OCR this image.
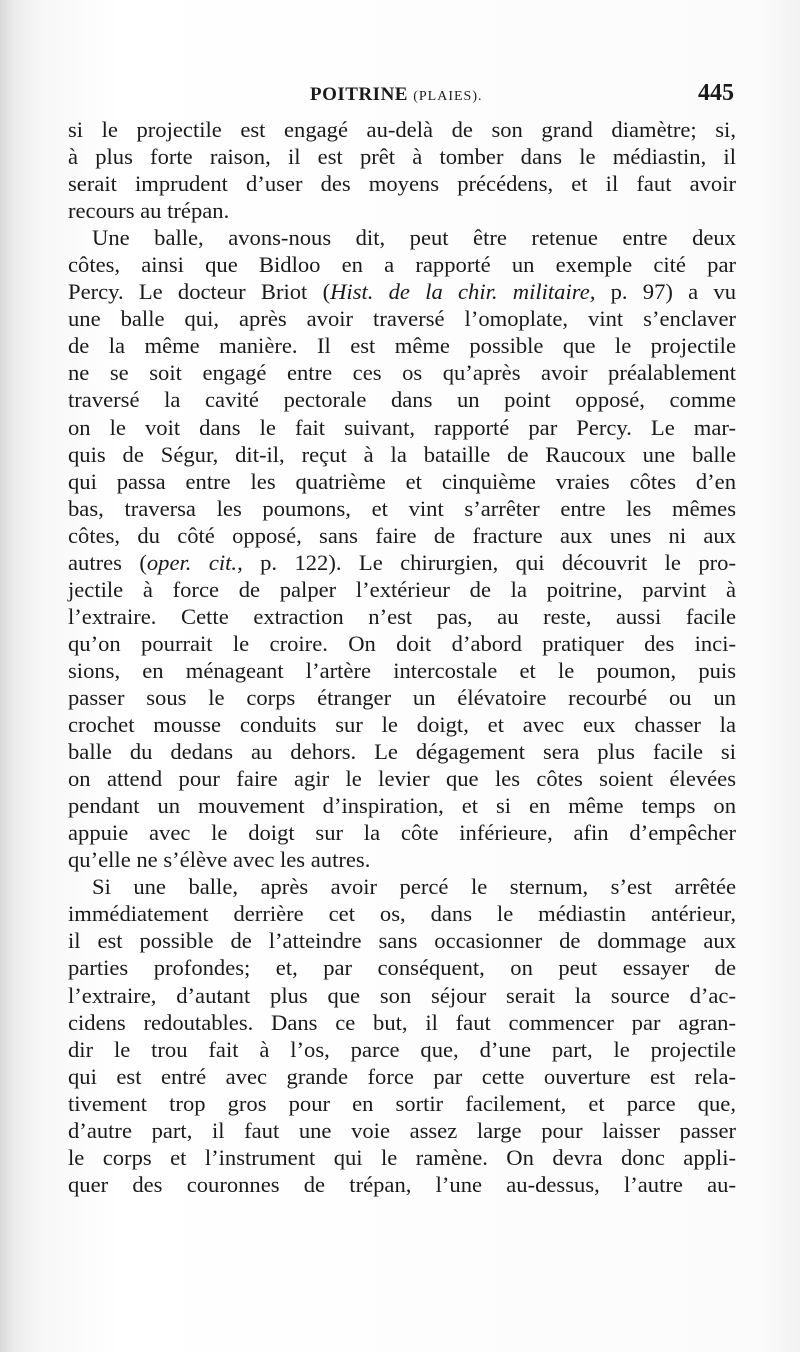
POITRINE (PLAIES).	445
si le projectile est engagé au-delà de son grand diamètre; si,
à plus forte raison, il est prêt à tomber dans le médiastin, il
serait imprudent d’user des moyens précédens, et il faut avoir
recours au trépan.
Une balle, avons-nous dit, peut être retenue entre deux
côtes, ainsi que Bidloo en a rapporté un exemple cité par
Percy. Le docteur Briot (Hist. de la chir. militaire, p. 97) a vu
une balle qui, après avoir traversé l’omoplate, vint s’enclaver
de la même manière. Il est même possible que le projectile
ne se soit engagé entre ces os qu’après avoir préalablement
traversé la cavité pectorale dans un point opposé, comme
on le voit dans le fait suivant, rapporté par Percy. Le mar-
quis de Ségur, dit-il, reçut à la bataille de Raucoux une balle
qui passa entre les quatrième et cinquième vraies côtes d’en
bas, traversa les poumons, et vint s’arrêter entre les mêmes
côtes, du côté opposé, sans faire de fracture aux unes ni aux
autres (oper. cit., p. 122). Le chirurgien, qui découvrit le pro-
jectile à force de palper l’extérieur de la poitrine, parvint à
l’extraire. Cette extraction n’est pas, au reste, aussi facile
qu’on pourrait le croire. On doit d’abord pratiquer des inci-
sions, en ménageant l’artère intercostale et le poumon, puis
passer sous le corps étranger un élévatoire recourbé ou un
crochet mousse conduits sur le doigt, et avec eux chasser la
balle du dedans au dehors. Le dégagement sera plus facile si
on attend pour faire agir le levier que les côtes soient élevées
pendant un mouvement d’inspiration, et si en même temps on
appuie avec le doigt sur la côte inférieure, afin d’empêcher
qu’elle ne s’élève avec les autres.
Si une balle, après avoir percé le sternum, s’est arrêtée
immédiatement derrière cet os, dans le médiastin antérieur,
il est possible de l’atteindre sans occasionner de dommage aux
parties profondes; et, par conséquent, on peut essayer de
l’extraire, d’autant plus que son séjour serait la source d’ac-
cidens redoutables. Dans ce but, il faut commencer par agran-
dir le trou fait à l’os, parce que, d’une part, le projectile
qui est entré avec grande force par cette ouverture est rela-
tivement trop gros pour en sortir facilement, et parce que,
d’autre part, il faut une voie assez large pour laisser passer
le corps et l’instrument qui le ramène. On devra donc appli-
quer des couronnes de trépan, l’une au-dessus, l’autre au-
